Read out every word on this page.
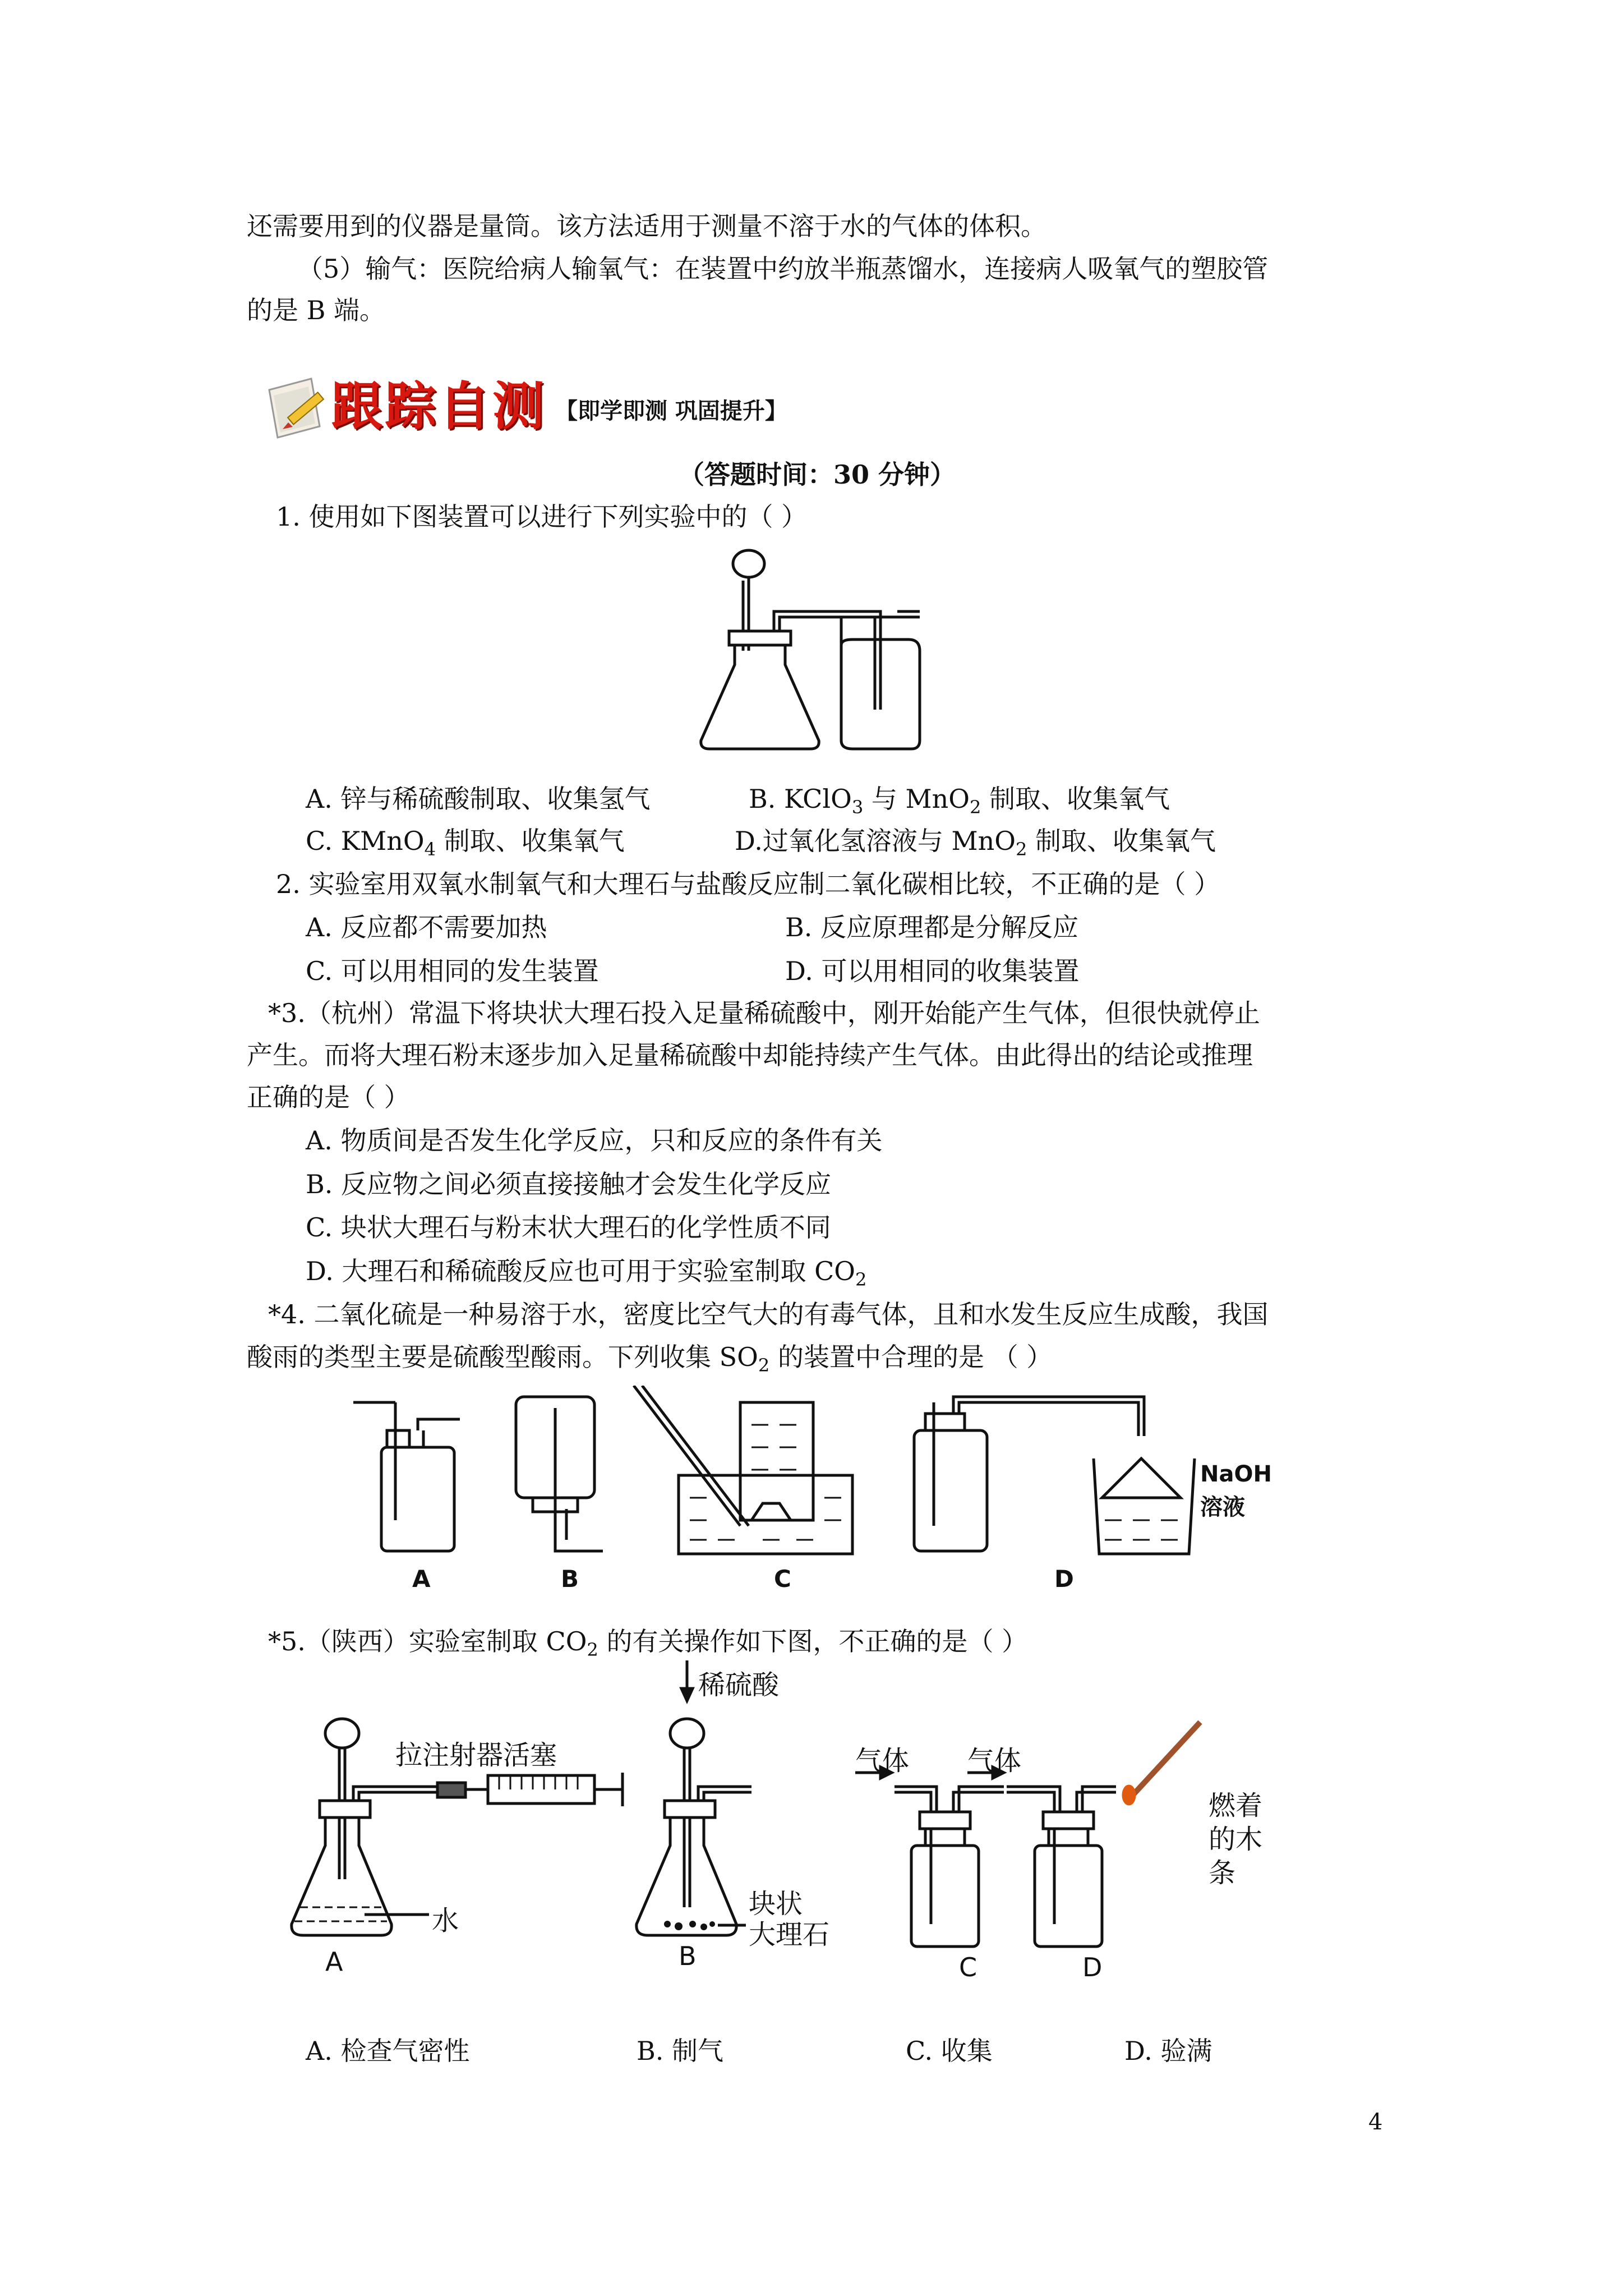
还需要用到的仪器是量筒。该方法适用于测量不溶于水的气体的体积。
（5）输气：医院给病人输氧气：在装置中约放半瓶蒸馏水，连接病人吸氧气的塑胶管
的是 B 端。
跟踪自测 【即学即测 巩固提升】
（答题时间：30 分钟）
1. 使用如下图装置可以进行下列实验中的（ ）
A. 锌与稀硫酸制取、收集氢气	B. KClO$_3$ 与 MnO$_2$ 制取、收集氧气
C. KMnO$_4$ 制取、收集氧气	D.过氧化氢溶液与 MnO$_2$ 制取、收集氧气
2. 实验室用双氧水制氧气和大理石与盐酸反应制二氧化碳相比较，不正确的是（ ）
A. 反应都不需要加热	B. 反应原理都是分解反应
C. 可以用相同的发生装置	D. 可以用相同的收集装置
*3.（杭州）常温下将块状大理石投入足量稀硫酸中，刚开始能产生气体，但很快就停止
产生。而将大理石粉末逐步加入足量稀硫酸中却能持续产生气体。由此得出的结论或推理
正确的是（ ）
A. 物质间是否发生化学反应，只和反应的条件有关
B. 反应物之间必须直接接触才会发生化学反应
C. 块状大理石与粉末状大理石的化学性质不同
D. 大理石和稀硫酸反应也可用于实验室制取 $CO_2$
*4. 二氧化硫是一种易溶于水，密度比空气大的有毒气体，且和水发生反应生成酸，我国
酸雨的类型主要是硫酸型酸雨。下列收集 $SO_2$ 的装置中合理的是 （ ）
NaOH
溶液
A	B	C	D
*5.（陕西）实验室制取 $CO_2$ 的有关操作如下图，不正确的是（ ）
稀硫酸
拉注射器活塞
水
块状
大理石
气体 气体
燃着
的木
条
A	B	C	D
A. 检查气密性	B. 制气	C. 收集	D. 验满
4
